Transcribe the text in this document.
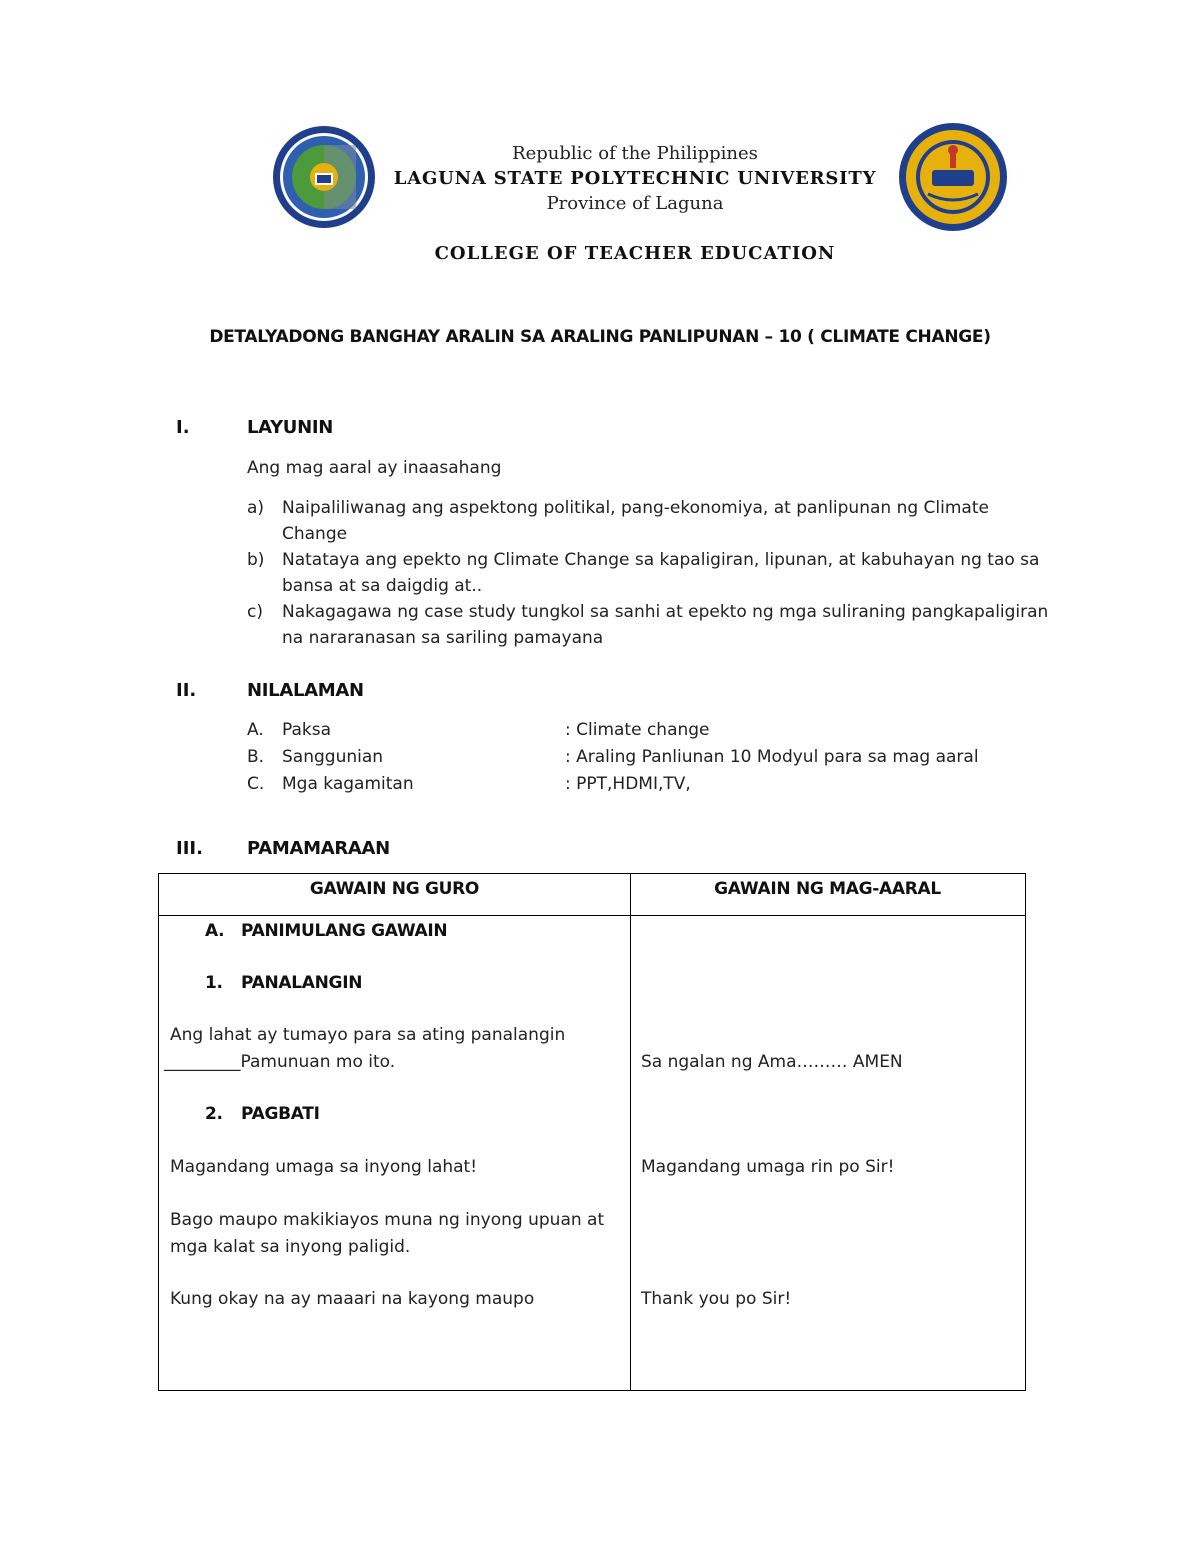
Republic of the Philippines
LAGUNA STATE POLYTECHNIC UNIVERSITY
Province of Laguna
COLLEGE OF TEACHER EDUCATION
DETALYADONG BANGHAY ARALIN SA ARALING PANLIPUNAN – 10 ( CLIMATE CHANGE)
I.	LAYUNIN
Ang mag aaral ay inaasahang
a)	Naipaliliwanag ang aspektong politikal, pang-ekonomiya, at panlipunan ng Climate Change
b)	Natataya ang epekto ng Climate Change sa kapaligiran, lipunan, at kabuhayan ng tao sa bansa at sa daigdig at..
c)	Nakagagawa ng case study tungkol sa sanhi at epekto ng mga suliraning pangkapaligiran na nararanasan sa sariling pamayana
II.	NILALAMAN
A. Paksa	: Climate change
B. Sanggunian	: Araling Panliunan 10 Modyul para sa mag aaral
C. Mga kagamitan	: PPT,HDMI,TV,
III. PAMAMARAAN
GAWAIN NG GURO	GAWAIN NG MAG-AARAL
A. PANIMULANG GAWAIN
1. PANALANGIN
Ang lahat ay tumayo para sa ating panalangin
_________Pamunuan mo ito.	Sa ngalan ng Ama……… AMEN
2. PAGBATI
Magandang umaga sa inyong lahat!	Magandang umaga rin po Sir!
Bago maupo makikiayos muna ng inyong upuan at
mga kalat sa inyong paligid.
Kung okay na ay maaari na kayong maupo	Thank you po Sir!
